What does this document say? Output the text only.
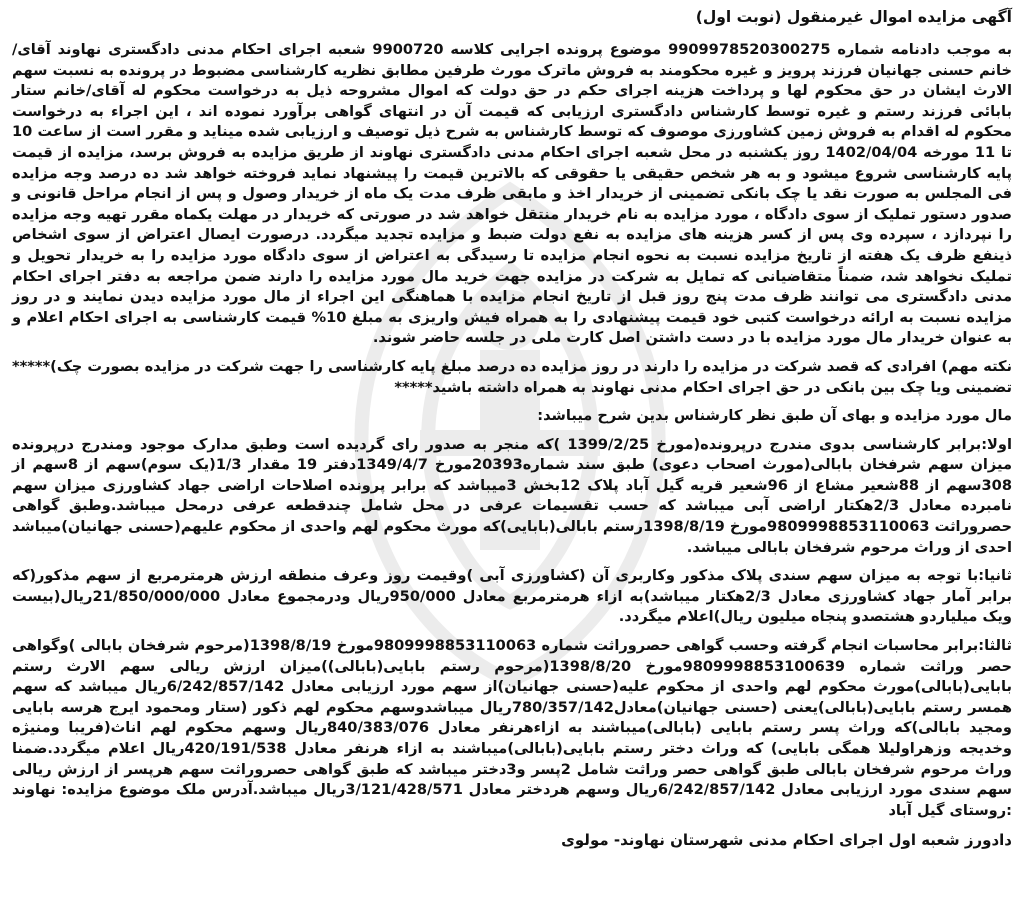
آگهی مزایده اموال غیرمنقول (نوبت اول)

به موجب دادنامه شماره 9909978520300275 موضوع پرونده اجرایی کلاسه 9900720 شعبه اجرای احکام مدنی دادگستری نهاوند آقای/خانم حسنی جهانیان فرزند پرویز و غیره محکومند به فروش ماترک مورث طرفین مطابق نظریه کارشناسی مضبوط در پرونده به نسبت سهم الارث ایشان در حق محکوم لها و پرداخت هزینه اجرای حکم در حق دولت که اموال مشروحه ذیل به درخواست محکوم له آقای/خانم ستار بابائی فرزند رستم و غیره توسط کارشناس دادگستری ارزیابی که قیمت آن در انتهای گواهی برآورد نموده اند ، این اجراء به درخواست محکوم له اقدام به فروش زمین کشاورزی موصوف که توسط کارشناس به شرح ذیل توصیف و ارزیابی شده میناید و مقرر است از ساعت 10 تا 11 مورخه 1402/04/04 روز یکشنبه در محل شعبه اجرای احکام مدنی دادگستری نهاوند از طریق مزایده به فروش برسد، مزایده از قیمت پایه کارشناسی شروع میشود و به هر شخص حقیقی یا حقوقی که بالاترین قیمت را پیشنهاد نماید فروخته خواهد شد ده درصد وجه مزایده فی المجلس به صورت نقد یا چک بانکی تضمینی از خریدار اخذ و مابقی ظرف مدت یک ماه از خریدار وصول و پس از انجام مراحل قانونی و صدور دستور تملیک از سوی دادگاه ، مورد مزایده به نام خریدار منتقل خواهد شد در صورتی که خریدار در مهلت یکماه مقرر تهیه وجه مزایده را نپردازد ، سپرده وی پس از کسر هزینه های مزایده به نفع دولت ضبط و مزایده تجدید میگردد. درصورت ایصال اعتراض از سوی اشخاص ذینفع ظرف یک هفته از تاریخ مزایده نسبت به نحوه انجام مزایده تا رسیدگی به اعتراض از سوی دادگاه مورد مزایده را به خریدار تحویل و تملیک نخواهد شد، ضمناً متقاضیانی که تمایل به شرکت در مزایده جهت خرید مال مورد مزایده را دارند ضمن مراجعه به دفتر اجرای احکام مدنی دادگستری می توانند ظرف مدت پنج روز قبل از تاریخ انجام مزایده با هماهنگی این اجراء از مال مورد مزایده دیدن نمایند و در روز مزایده نسبت به ارائه درخواست کتبی خود قیمت پیشنهادی را به همراه فیش واریزی به مبلغ 10% قیمت کارشناسی به اجرای احکام اعلام و به عنوان خریدار مال مورد مزایده با در دست داشتن اصل کارت ملی در جلسه حاضر شوند.

نکته مهم) افرادی که قصد شرکت در مزایده را دارند در روز مزایده ده درصد مبلغ پایه کارشناسی را جهت شرکت در مزایده بصورت چک)***** تضمینی ویا چک بین بانکی در حق اجرای احکام مدنی نهاوند به همراه داشته باشید*****

مال مورد مزایده و بهای آن طبق نظر کارشناس بدین شرح میباشد:

اولا:برابر کارشناسی بدوی مندرج درپرونده(مورخ 1399/2/25 )که منجر به صدور رای گردیده است وطبق مدارک موجود ومندرج درپرونده میزان سهم شرفخان بابالی(مورث اصحاب دعوی) طبق سند شماره20393مورخ 1349/4/7دفتر 19 مقدار 1/3(یک سوم)سهم از 8سهم از 308سهم از 88شعیر مشاع از 96شعیر قریه گیل آباد پلاک 12بخش 3میباشد که برابر پرونده اصلاحات اراضی جهاد کشاورزی میزان سهم نامبرده معادل 2/3هکتار اراضی آبی میباشد که حسب تقسیمات عرفی در محل شامل چندقطعه عرفی درمحل میباشد.وطبق گواهی حصروراثت 9809998853110063مورخ 1398/8/19رستم بابالی(بابایی)که مورث محکوم لهم واحدی از محکوم علیهم(حسنی جهانیان)میباشد احدی از وراث مرحوم شرفخان بابالی میباشد.

ثانیا:با توجه به میزان سهم سندی پلاک مذکور وکاربری آن (کشاورزی آبی )وقیمت روز وعرف منطقه ارزش هرمترمربع از سهم مذکور(که برابر آمار جهاد کشاورزی معادل 2/3هکتار میباشد)به ازاء هرمترمربع معادل 950/000ریال ودرمجموع معادل 21/850/000/000ریال(بیست ویک میلیاردو هشتصدو پنجاه میلیون ریال)اعلام میگردد.

ثالثا:برابر محاسبات انجام گرفته وحسب گواهی حصروراثت شماره 9809998853110063مورخ 1398/8/19(مرحوم شرفخان بابالی )وگواهی حصر وراثت شماره 9809998853100639مورخ 1398/8/20(مرحوم رستم بابایی(بابالی))میزان ارزش ریالی سهم الارث رستم بابایی(بابالی)مورث محکوم لهم واحدی از محکوم علیه(حسنی جهانیان)از سهم مورد ارزیابی معادل 6/242/857/142ریال میباشد که سهم همسر رستم بابایی(بابالی)یعنی (حسنی جهانیان)معادل780/357/142ریال میباشدوسهم محکوم لهم ذکور (ستار ومحمود ایرج هرسه بابایی ومجید بابالی)که وراث پسر رستم بابایی (بابالی)میباشند به ازاءهرنفر معادل 840/383/076ریال وسهم محکوم لهم اناث(فریبا ومنیژه وخدیجه وزهراولیلا همگی بابایی) که وراث دختر رستم بابایی(بابالی)میباشند به ازاء هرنفر معادل 420/191/538ریال اعلام میگردد.ضمنا وراث مرحوم شرفخان بابالی طبق گواهی حصر وراثت شامل 2پسر و3دختر میباشد که طبق گواهی حصروراثت سهم هرپسر از ارزش ریالی سهم سندی مورد ارزیابی معادل 6/242/857/142ریال وسهم هردختر معادل 3/121/428/571ریال میباشد.آدرس ملک موضوع مزایده: نهاوند :روستای گیل آباد

دادورز شعبه اول اجرای احکام مدنی شهرستان نهاوند- مولوی
